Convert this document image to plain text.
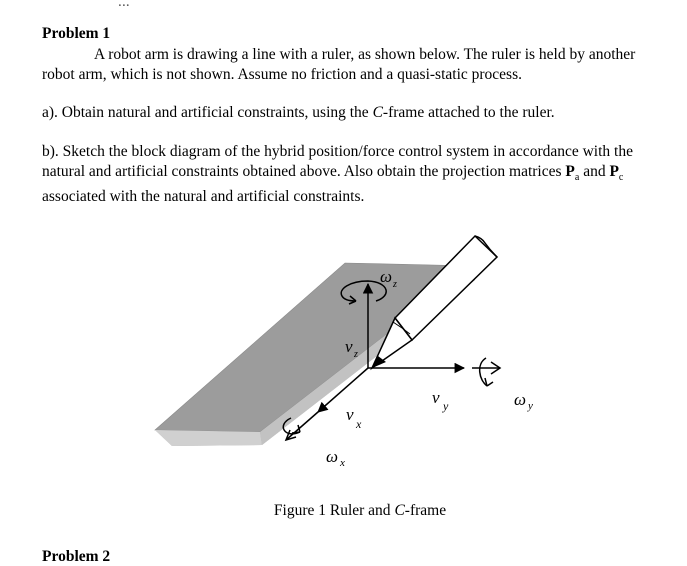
...
Problem 1
A robot arm is drawing a line with a ruler, as shown below. The ruler is held by another robot arm, which is not shown. Assume no friction and a quasi-static process.
a). Obtain natural and artificial constraints, using the C-frame attached to the ruler.
b). Sketch the block diagram of the hybrid position/force control system in accordance with the natural and artificial constraints obtained above. Also obtain the projection matrices $P_a$ and $P_c$ associated with the natural and artificial constraints.
ω z
v z
v y	ω y
v x
ω x
Figure 1 Ruler and C-frame
Problem 2
